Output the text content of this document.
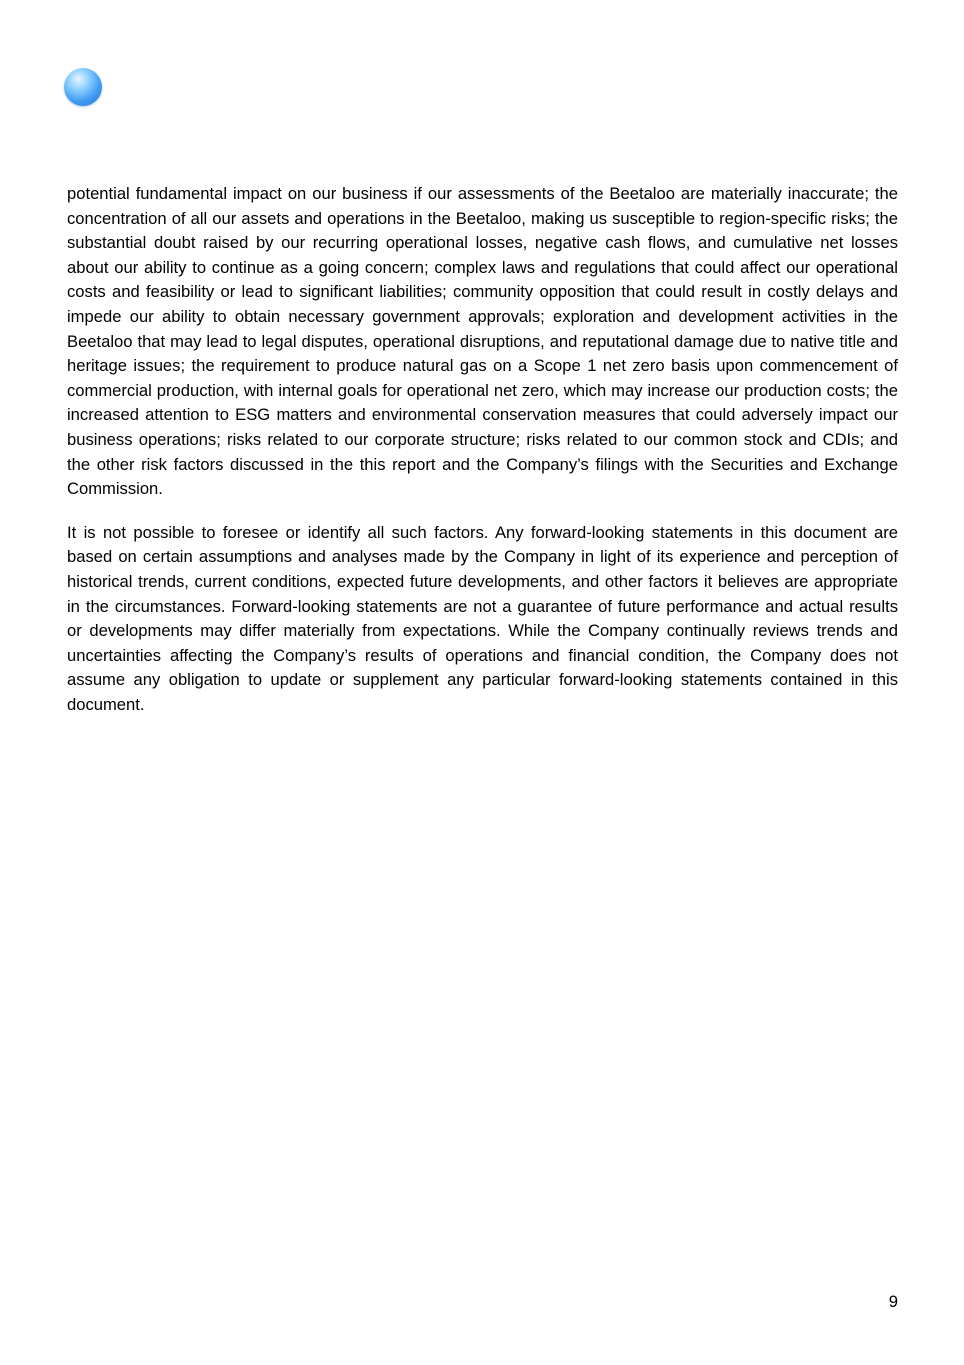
potential fundamental impact on our business if our assessments of the Beetaloo are materially inaccurate; the concentration of all our assets and operations in the Beetaloo, making us susceptible to region-specific risks; the substantial doubt raised by our recurring operational losses, negative cash flows, and cumulative net losses about our ability to continue as a going concern; complex laws and regulations that could affect our operational costs and feasibility or lead to significant liabilities; community opposition that could result in costly delays and impede our ability to obtain necessary government approvals; exploration and development activities in the Beetaloo that may lead to legal disputes, operational disruptions, and reputational damage due to native title and heritage issues; the requirement to produce natural gas on a Scope 1 net zero basis upon commencement of commercial production, with internal goals for operational net zero, which may increase our production costs; the increased attention to ESG matters and environmental conservation measures that could adversely impact our business operations; risks related to our corporate structure; risks related to our common stock and CDIs; and the other risk factors discussed in the this report and the Company’s filings with the Securities and Exchange Commission.

It is not possible to foresee or identify all such factors. Any forward-looking statements in this document are based on certain assumptions and analyses made by the Company in light of its experience and perception of historical trends, current conditions, expected future developments, and other factors it believes are appropriate in the circumstances. Forward-looking statements are not a guarantee of future performance and actual results or developments may differ materially from expectations. While the Company continually reviews trends and uncertainties affecting the Company’s results of operations and financial condition, the Company does not assume any obligation to update or supplement any particular forward-looking statements contained in this document.

9
